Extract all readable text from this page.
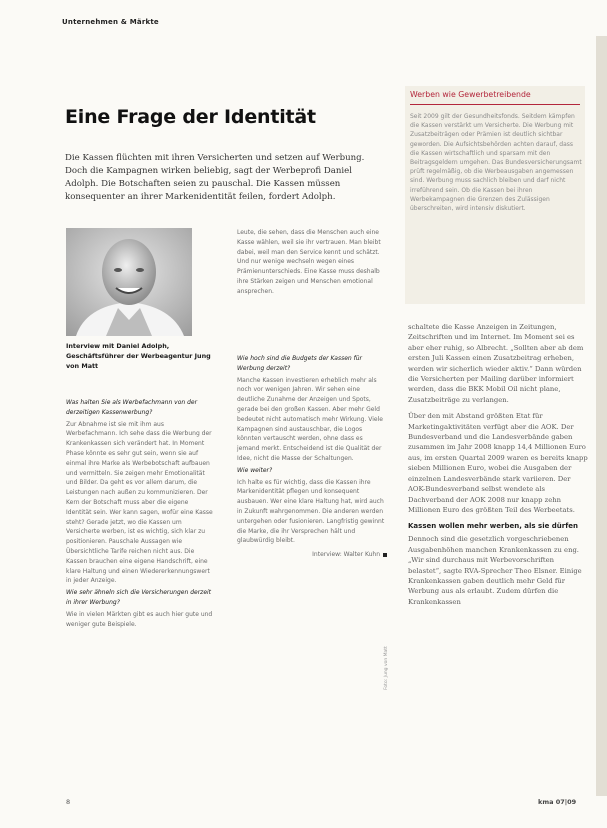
Unternehmen & Märkte
Eine Frage der Identität
Die Kassen flüchten mit ihren Versicherten und setzen auf Werbung. Doch die Kampagnen wirken beliebig, sagt der Werbeprofi Daniel Adolph. Die Botschaften seien zu pauschal. Die Kassen müssen konsequenter an ihrer Markenidentität feilen, fordert Adolph.
Interview mit Daniel Adolph, Geschäftsführer der Werbeagentur Jung von Matt

Was halten Sie als Werbefachmann von der derzeitigen Kassenwerbung?

Zur Abnahme ist sie mit ihm aus Werbefachmann. Ich sehe dass die Werbung der Krankenkassen sich verändert hat. In Moment Phase könnte es sehr gut sein, wenn sie auf einmal ihre Marke als Werbebotschaft aufbauen und vermitteln. Sie zeigen mehr Emotionalität und Bilder. Da geht es vor allem darum, die Leistungen nach außen zu kommunizieren. Der Kern der Botschaft muss aber die eigene Identität sein. Wer kann sagen, wofür eine Kasse steht? Gerade jetzt, wo die Kassen um Versicherte werben, ist es wichtig, sich klar zu positionieren. Pauschale Aussagen wie Übersichtliche Tarife reichen nicht aus. Die Kassen brauchen eine eigene Handschrift, eine klare Haltung und einen Wiedererkennungswert in jeder Anzeige.

Wie sehr ähneln sich die Versicherungen derzeit in ihrer Werbung?

Wie in vielen Märkten gibt es auch hier gute und weniger gute Beispiele.

Leute, die sehen, dass die Menschen auch eine Kasse wählen, weil sie ihr vertrauen. Man bleibt dabei, weil man den Service kennt und schätzt. Und nur wenige wechseln wegen eines Prämienunterschieds. Eine Kasse muss deshalb ihre Stärken zeigen und Menschen emotional ansprechen.

Wie hoch sind die Budgets der Kassen für Werbung derzeit?

Manche Kassen investieren erheblich mehr als noch vor wenigen Jahren. Wir sehen eine deutliche Zunahme der Anzeigen und Spots, gerade bei den großen Kassen. Aber mehr Geld bedeutet nicht automatisch mehr Wirkung. Viele Kampagnen sind austauschbar, die Logos könnten vertauscht werden, ohne dass es jemand merkt. Entscheidend ist die Qualität der Idee, nicht die Masse der Schaltungen.

Wie weiter?

Ich halte es für wichtig, dass die Kassen ihre Markenidentität pflegen und konsequent ausbauen. Wer eine klare Haltung hat, wird auch in Zukunft wahrgenommen. Die anderen werden untergehen oder fusionieren. Langfristig gewinnt die Marke, die ihr Versprechen hält und glaubwürdig bleibt.

Interview: Walter Kuhn

Foto: Jung von Matt
Werben wie Gewerbetreibende
Seit 2009 gilt der Gesundheitsfonds. Seitdem kämpfen die Kassen verstärkt um Versicherte. Die Werbung mit Zusatzbeiträgen oder Prämien ist deutlich sichtbar geworden. Die Aufsichtsbehörden achten darauf, dass die Kassen wirtschaftlich und sparsam mit den Beitragsgeldern umgehen. Das Bundesversicherungsamt prüft regelmäßig, ob die Werbeausgaben angemessen sind. Werbung muss sachlich bleiben und darf nicht irreführend sein. Ob die Kassen bei ihren Werbekampagnen die Grenzen des Zulässigen überschreiten, wird intensiv diskutiert.

schaltete die Kasse Anzeigen in Zeitungen, Zeitschriften und im Internet. Im Moment sei es aber eher ruhig, so Albrecht. „Sollten aber ab dem ersten Juli Kassen einen Zusatzbeitrag erheben, werden wir sicherlich wieder aktiv.“ Dann würden die Versicherten per Mailing darüber informiert werden, dass die BKK Mobil Oil nicht plane, Zusatzbeiträge zu verlangen.

Über den mit Abstand größten Etat für Marketingaktivitäten verfügt aber die AOK. Der Bundesverband und die Landesverbände gaben zusammen im Jahr 2008 knapp 14,4 Millionen Euro aus, im ersten Quartal 2009 waren es bereits knapp sieben Millionen Euro, wobei die Ausgaben der einzelnen Landesverbände stark variieren. Der AOK-Bundesverband selbst wendete als Dachverband der AOK 2008 nur knapp zehn Millionen Euro des größten Teil des Werbeetats.

Kassen wollen mehr werben, als sie dürfen

Dennoch sind die gesetzlich vorgeschriebenen Ausgabenhöhen manchen Krankenkassen zu eng. „Wir sind durchaus mit Werbevorschriften belastet“, sagte RVA-Sprecher Theo Elsner. Einige Krankenkassen gaben deutlich mehr Geld für Werbung aus als erlaubt. Zudem dürfen die Krankenkassen

8	kma 07|09
